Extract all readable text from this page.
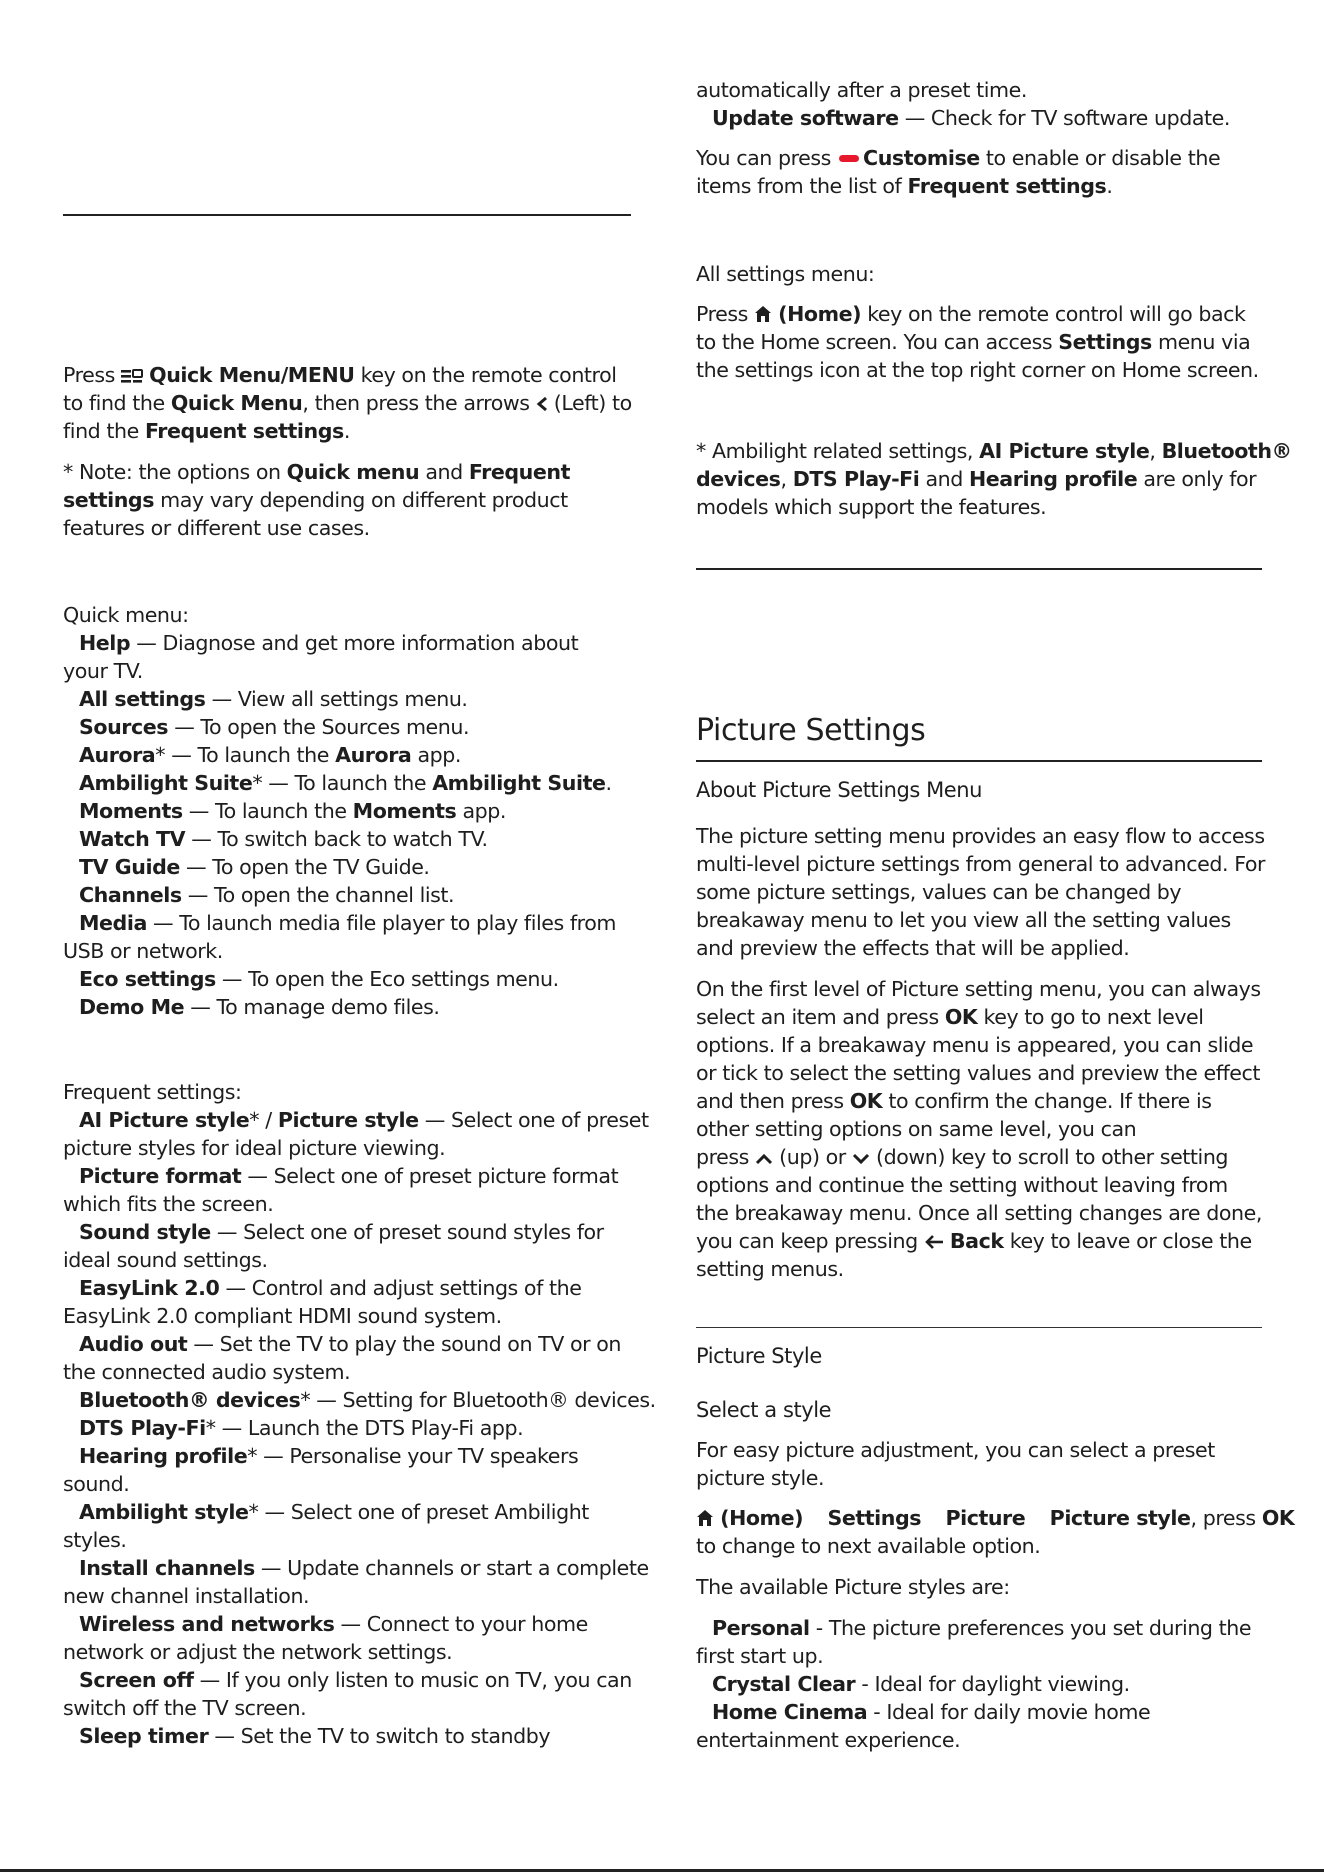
Press  Quick Menu/MENU key on the remote control
to find the Quick Menu, then press the arrows  (Left) to
find the Frequent settings.
* Note: the options on Quick menu and Frequent
settings may vary depending on different product
features or different use cases.
Quick menu:
Help — Diagnose and get more information about
your TV.
All settings — View all settings menu.
Sources — To open the Sources menu.
Aurora* — To launch the Aurora app.
Ambilight Suite* — To launch the Ambilight Suite.
Moments — To launch the Moments app.
Watch TV — To switch back to watch TV.
TV Guide — To open the TV Guide.
Channels — To open the channel list.
Media — To launch media file player to play files from
USB or network.
Eco settings — To open the Eco settings menu.
Demo Me — To manage demo files.
Frequent settings:
AI Picture style* / Picture style — Select one of preset
picture styles for ideal picture viewing.
Picture format — Select one of preset picture format
which fits the screen.
Sound style — Select one of preset sound styles for
ideal sound settings.
EasyLink 2.0 — Control and adjust settings of the
EasyLink 2.0 compliant HDMI sound system.
Audio out — Set the TV to play the sound on TV or on
the connected audio system.
Bluetooth® devices* — Setting for Bluetooth® devices.
DTS Play-Fi* — Launch the DTS Play-Fi app.
Hearing profile* — Personalise your TV speakers
sound.
Ambilight style* — Select one of preset Ambilight
styles.
Install channels — Update channels or start a complete
new channel installation.
Wireless and networks — Connect to your home
network or adjust the network settings.
Screen off — If you only listen to music on TV, you can
switch off the TV screen.
Sleep timer — Set the TV to switch to standby
automatically after a preset time.
Update software — Check for TV software update.
You can press Customise to enable or disable the
items from the list of Frequent settings.
All settings menu:
Press  (Home) key on the remote control will go back
to the Home screen. You can access Settings menu via
the settings icon at the top right corner on Home screen.
* Ambilight related settings, AI Picture style, Bluetooth®
devices, DTS Play-Fi and Hearing profile are only for
models which support the features.
Picture Settings
About Picture Settings Menu
The picture setting menu provides an easy flow to access
multi-level picture settings from general to advanced. For
some picture settings, values can be changed by
breakaway menu to let you view all the setting values
and preview the effects that will be applied.
On the first level of Picture setting menu, you can always
select an item and press OK key to go to next level
options. If a breakaway menu is appeared, you can slide
or tick to select the setting values and preview the effect
and then press OK to confirm the change. If there is
other setting options on same level, you can
press  (up) or  (down) key to scroll to other setting
options and continue the setting without leaving from
the breakaway menu. Once all setting changes are done,
you can keep pressing  Back key to leave or close the
setting menus.
Picture Style
Select a style
For easy picture adjustment, you can select a preset
picture style.
(Home) Settings Picture Picture style, press OK
to change to next available option.
The available Picture styles are:
Personal - The picture preferences you set during the
first start up.
Crystal Clear - Ideal for daylight viewing.
Home Cinema - Ideal for daily movie home
entertainment experience.
